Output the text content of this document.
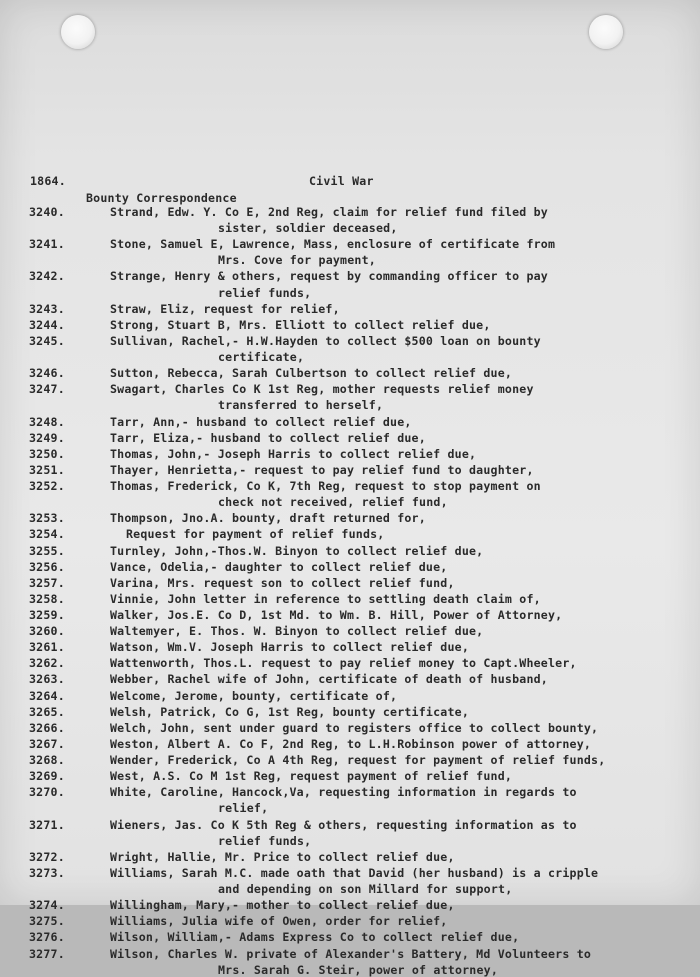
1864.	Civil War
Bounty Correspondence
3240.	Strand, Edw. Y. Co E, 2nd Reg, claim for relief fund filed by
sister, soldier deceased,
3241.	Stone, Samuel E, Lawrence, Mass, enclosure of certificate from
Mrs. Cove for payment,
3242.	Strange, Henry & others, request by commanding officer to pay
relief funds,
3243.	Straw, Eliz, request for relief,
3244.	Strong, Stuart B, Mrs. Elliott to collect relief due,
3245.	Sullivan, Rachel,- H.W.Hayden to collect $500 loan on bounty
certificate,
3246.	Sutton, Rebecca, Sarah Culbertson to collect relief due,
3247.	Swagart, Charles Co K 1st Reg, mother requests relief money
transferred to herself,
3248.	Tarr, Ann,- husband to collect relief due,
3249.	Tarr, Eliza,- husband to collect relief due,
3250.	Thomas, John,- Joseph Harris to collect relief due,
3251.	Thayer, Henrietta,- request to pay relief fund to daughter,
3252.	Thomas, Frederick, Co K, 7th Reg, request to stop payment on
check not received, relief fund,
3253.	Thompson, Jno.A. bounty, draft returned for,
3254.	Request for payment of relief funds,
3255.	Turnley, John,-Thos.W. Binyon to collect relief due,
3256.	Vance, Odelia,- daughter to collect relief due,
3257.	Varina, Mrs. request son to collect relief fund,
3258.	Vinnie, John letter in reference to settling death claim of,
3259.	Walker, Jos.E. Co D, 1st Md. to Wm. B. Hill, Power of Attorney,
3260.	Waltemyer, E. Thos. W. Binyon to collect relief due,
3261.	Watson, Wm.V. Joseph Harris to collect relief due,
3262.	Wattenworth, Thos.L. request to pay relief money to Capt.Wheeler,
3263.	Webber, Rachel wife of John, certificate of death of husband,
3264.	Welcome, Jerome, bounty, certificate of,
3265.	Welsh, Patrick, Co G, 1st Reg, bounty certificate,
3266.	Welch, John, sent under guard to registers office to collect bounty,
3267.	Weston, Albert A. Co F, 2nd Reg, to L.H.Robinson power of attorney,
3268.	Wender, Frederick, Co A 4th Reg, request for payment of relief funds,
3269.	West, A.S. Co M 1st Reg, request payment of relief fund,
3270.	White, Caroline, Hancock,Va, requesting information in regards to
relief,
3271.	Wieners, Jas. Co K 5th Reg & others, requesting information as to
relief funds,
3272.	Wright, Hallie, Mr. Price to collect relief due,
3273.	Williams, Sarah M.C. made oath that David (her husband) is a cripple
and depending on son Millard for support,
3274.	Willingham, Mary,- mother to collect relief due,
3275.	Williams, Julia wife of Owen, order for relief,
3276.	Wilson, William,- Adams Express Co to collect relief due,
3277.	Wilson, Charles W. private of Alexander's Battery, Md Volunteers to
Mrs. Sarah G. Steir, power of attorney,
